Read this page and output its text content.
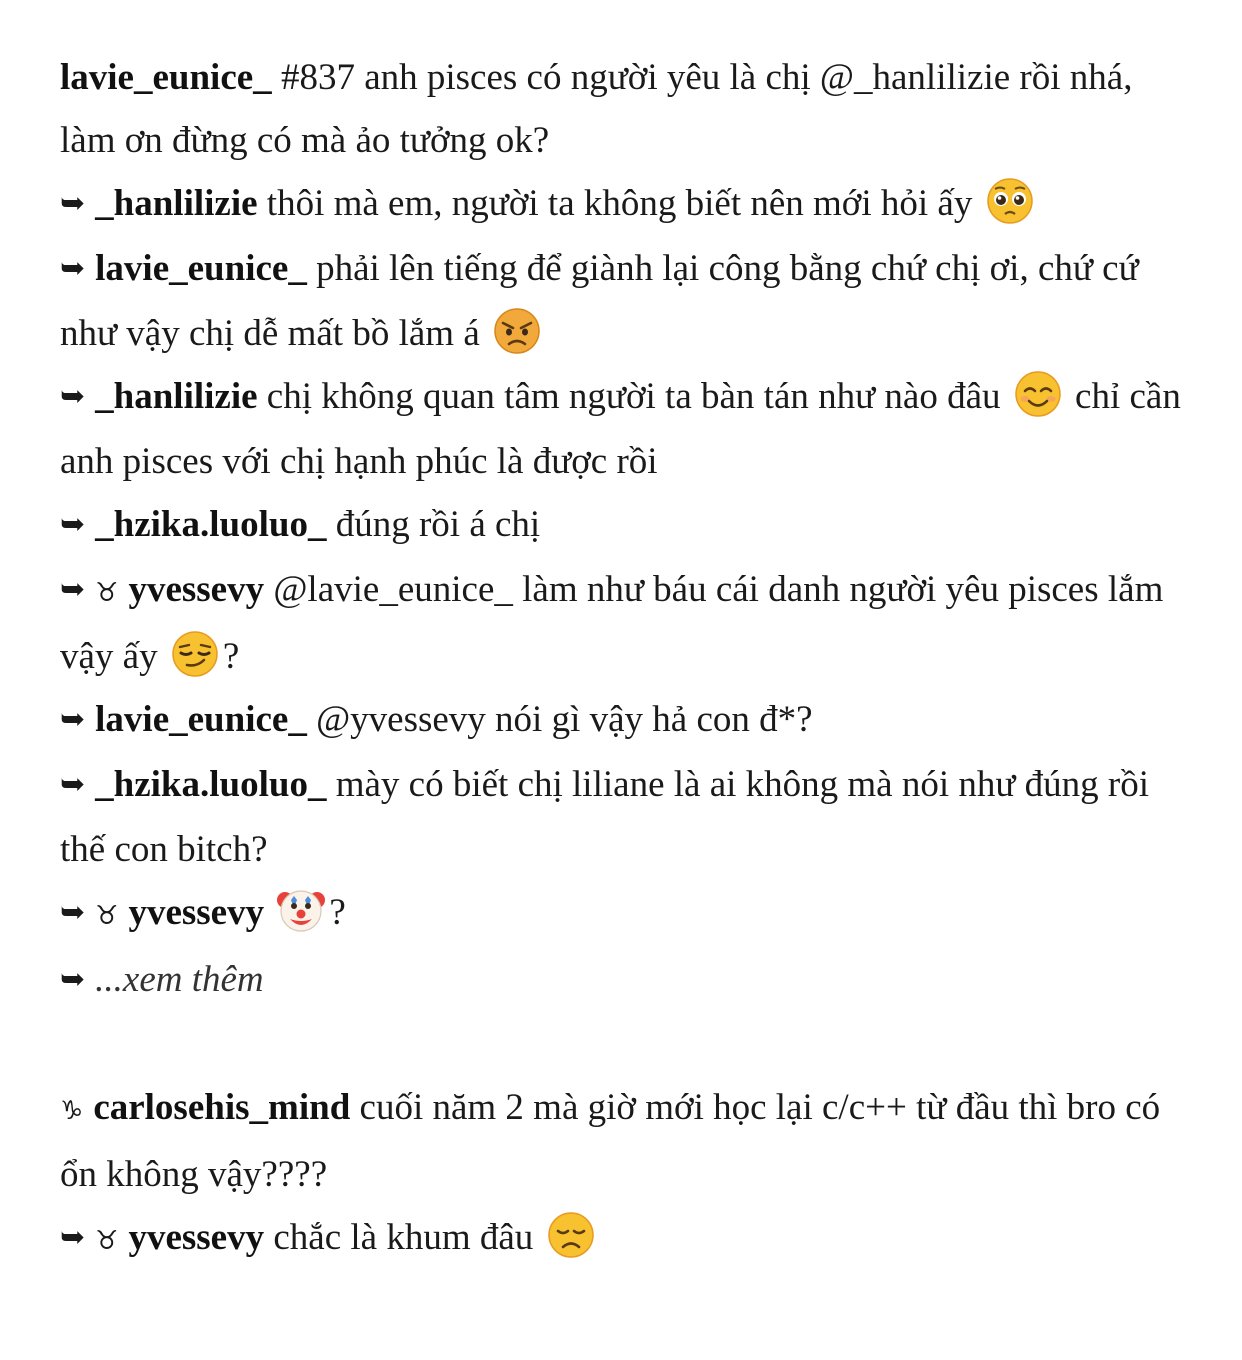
lavie_eunice_ #837 anh pisces có người yêu là chị @_hanlilizie rồi nhá, làm ơn đừng có mà ảo tưởng ok?

➥ _hanlilizie thôi mà em, người ta không biết nên mới hỏi ấy

➥ lavie_eunice_ phải lên tiếng để giành lại công bằng chứ chị ơi, chứ cứ như vậy chị dễ mất bồ lắm á

➥ _hanlilizie chị không quan tâm người ta bàn tán như nào đâu
chỉ cần anh pisces với chị hạnh phúc là được rồi

➥ _hzika.luoluo_ đúng rồi á chị

➥ ♉ yvessevy @lavie_eunice_ làm như báu cái danh người yêu pisces lắm vậy ấy
?

➥ lavie_eunice_ @yvessevy nói gì vậy hả con đ*?

➥ _hzika.luoluo_ mày có biết chị liliane là ai không mà nói như đúng rồi thế con bitch?

➥ ♉ yvessevy ?

➥ ...xem thêm

♑ carlosehis_mind cuối năm 2 mà giờ mới học lại c/c++ từ đầu thì bro có ổn không vậy????

➥ ♉ yvessevy chắc là khum đâu
